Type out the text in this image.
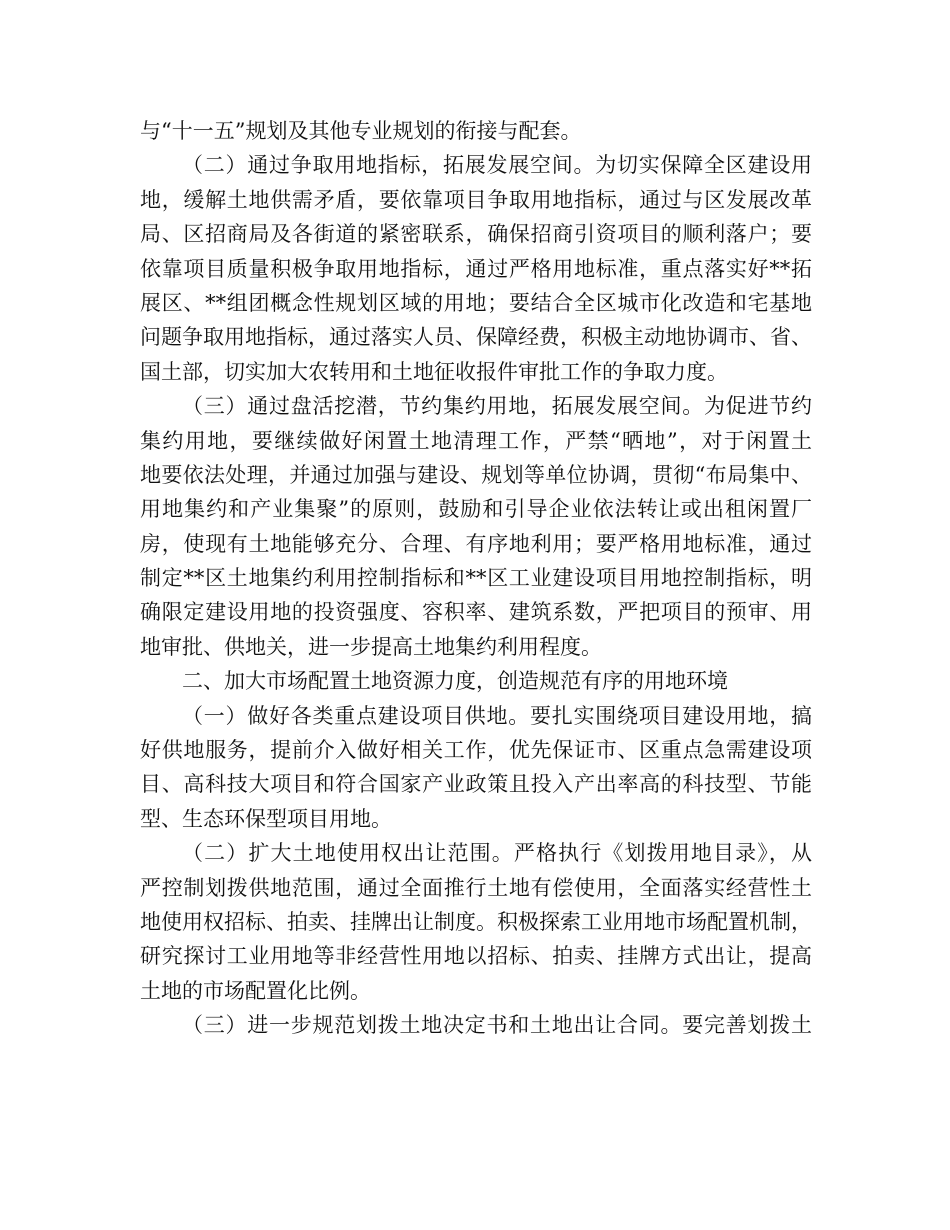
与“十一五”规划及其他专业规划的衔接与配套。
（二）通过争取用地指标，拓展发展空间。为切实保障全区建设用
地，缓解土地供需矛盾，要依靠项目争取用地指标，通过与区发展改革
局、区招商局及各街道的紧密联系，确保招商引资项目的顺利落户；要
依靠项目质量积极争取用地指标，通过严格用地标准，重点落实好**拓
展区、**组团概念性规划区域的用地；要结合全区城市化改造和宅基地
问题争取用地指标，通过落实人员、保障经费，积极主动地协调市、省、
国土部，切实加大农转用和土地征收报件审批工作的争取力度。
（三）通过盘活挖潜，节约集约用地，拓展发展空间。为促进节约
集约用地，要继续做好闲置土地清理工作，严禁“晒地”，对于闲置土
地要依法处理，并通过加强与建设、规划等单位协调，贯彻“布局集中、
用地集约和产业集聚”的原则，鼓励和引导企业依法转让或出租闲置厂
房，使现有土地能够充分、合理、有序地利用；要严格用地标准，通过
制定**区土地集约利用控制指标和**区工业建设项目用地控制指标，明
确限定建设用地的投资强度、容积率、建筑系数，严把项目的预审、用
地审批、供地关，进一步提高土地集约利用程度。
二、加大市场配置土地资源力度，创造规范有序的用地环境
（一）做好各类重点建设项目供地。要扎实围绕项目建设用地，搞
好供地服务，提前介入做好相关工作，优先保证市、区重点急需建设项
目、高科技大项目和符合国家产业政策且投入产出率高的科技型、节能
型、生态环保型项目用地。
（二）扩大土地使用权出让范围。严格执行《划拨用地目录》，从
严控制划拨供地范围，通过全面推行土地有偿使用，全面落实经营性土
地使用权招标、拍卖、挂牌出让制度。积极探索工业用地市场配置机制，
研究探讨工业用地等非经营性用地以招标、拍卖、挂牌方式出让，提高
土地的市场配置化比例。
（三）进一步规范划拨土地决定书和土地出让合同。要完善划拨土
